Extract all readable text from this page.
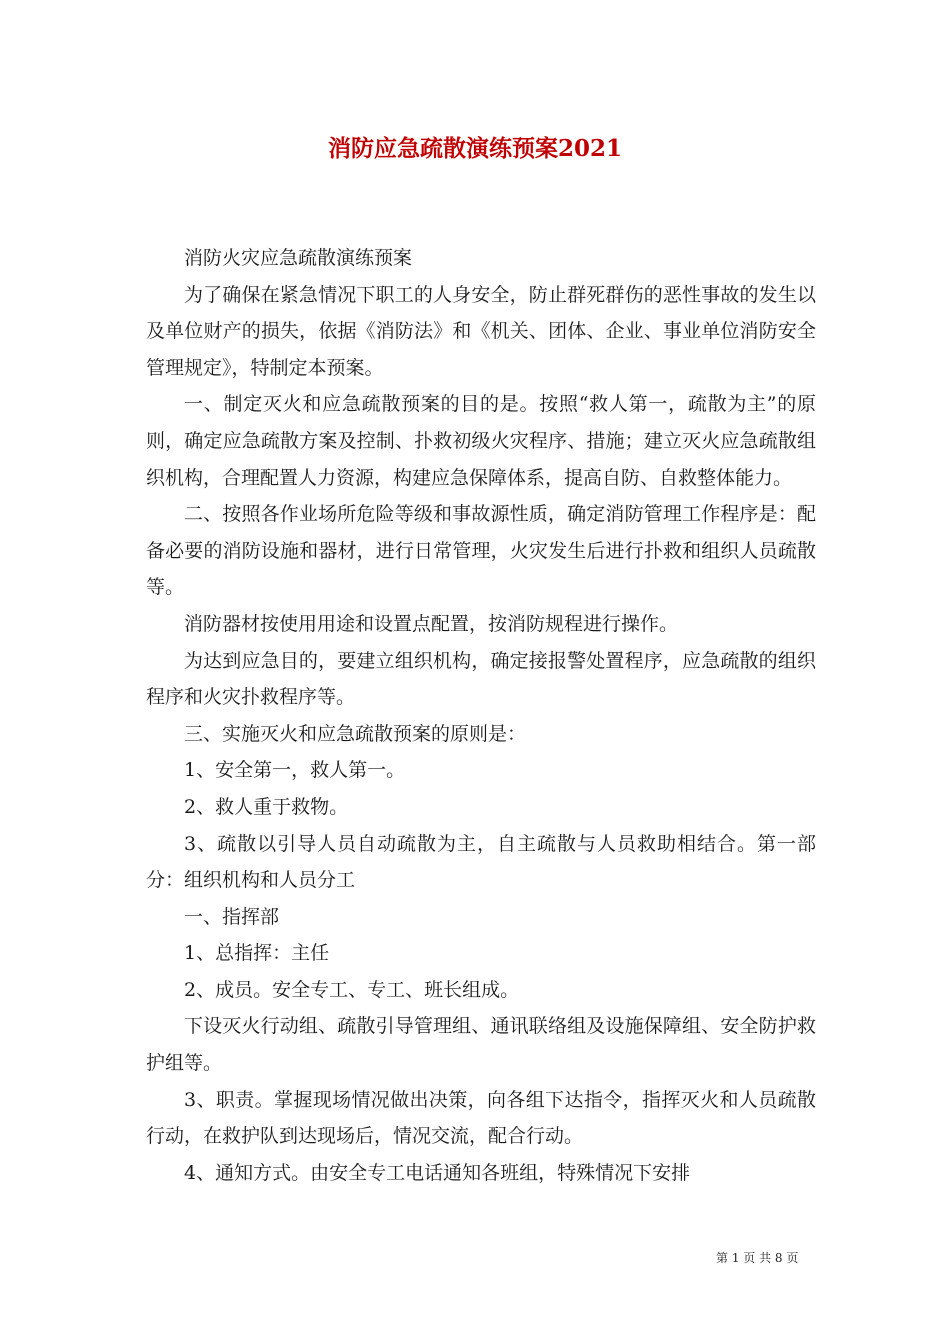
消防应急疏散演练预案2021

消防火灾应急疏散演练预案

为了确保在紧急情况下职工的人身安全，防止群死群伤的恶性事故的发生以及单位财产的损失，依据《消防法》和《机关、团体、企业、事业单位消防安全管理规定》，特制定本预案。

一、制定灭火和应急疏散预案的目的是。按照“救人第一，疏散为主”的原则，确定应急疏散方案及控制、扑救初级火灾程序、措施；建立灭火应急疏散组织机构，合理配置人力资源，构建应急保障体系，提高自防、自救整体能力。

二、按照各作业场所危险等级和事故源性质，确定消防管理工作程序是：配备必要的消防设施和器材，进行日常管理，火灾发生后进行扑救和组织人员疏散等。

消防器材按使用用途和设置点配置，按消防规程进行操作。

为达到应急目的，要建立组织机构，确定接报警处置程序，应急疏散的组织程序和火灾扑救程序等。

三、实施灭火和应急疏散预案的原则是：

1、安全第一，救人第一。

2、救人重于救物。

3、疏散以引导人员自动疏散为主，自主疏散与人员救助相结合。第一部分：组织机构和人员分工

一、指挥部

1、总指挥：主任

2、成员。安全专工、专工、班长组成。

下设灭火行动组、疏散引导管理组、通讯联络组及设施保障组、安全防护救护组等。

3、职责。掌握现场情况做出决策，向各组下达指令，指挥灭火和人员疏散行动，在救护队到达现场后，情况交流，配合行动。

4、通知方式。由安全专工电话通知各班组，特殊情况下安排

第 1 页 共 8 页
